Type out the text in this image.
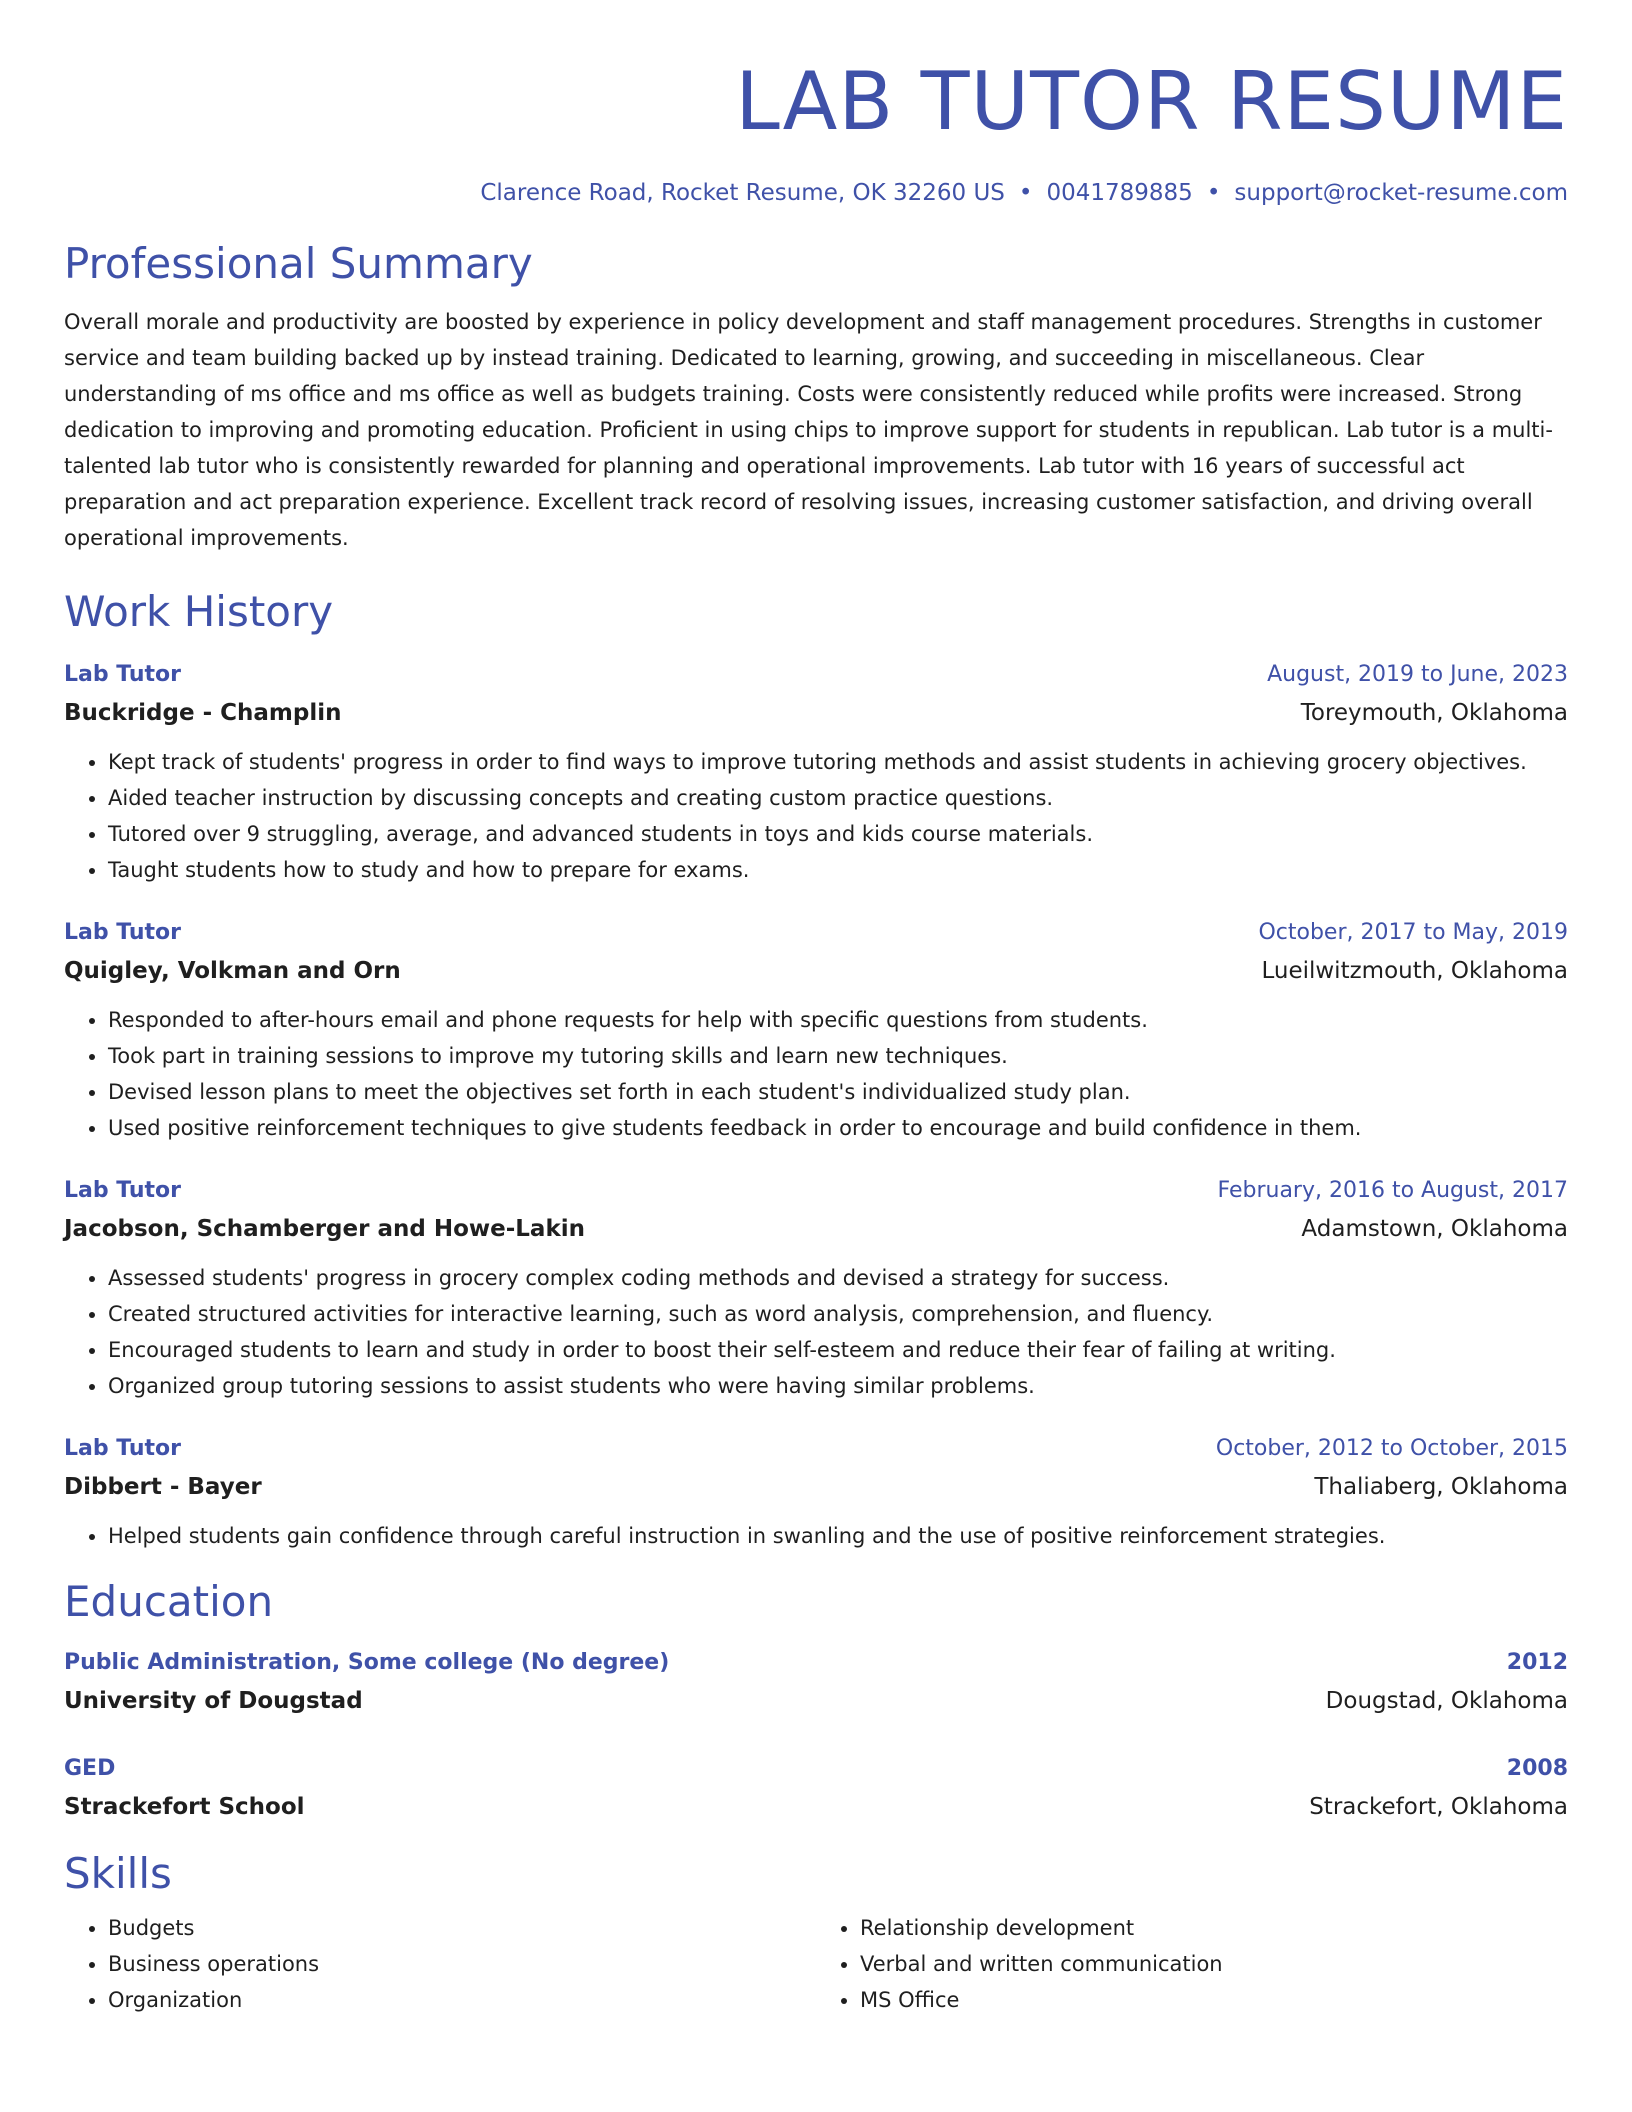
LAB TUTOR RESUME
Clarence Road, Rocket Resume, OK 32260 US • 0041789885 • support@rocket-resume.com
Professional Summary

Overall morale and productivity are boosted by experience in policy development and staff management procedures. Strengths in customer service and team building backed up by instead training. Dedicated to learning, growing, and succeeding in miscellaneous. Clear understanding of ms office and ms office as well as budgets training. Costs were consistently reduced while profits were increased. Strong dedication to improving and promoting education. Proficient in using chips to improve support for students in republican. Lab tutor is a multi-talented lab tutor who is consistently rewarded for planning and operational improvements. Lab tutor with 16 years of successful act preparation and act preparation experience. Excellent track record of resolving issues, increasing customer satisfaction, and driving overall operational improvements.

Work History
Lab Tutor	August, 2019 to June, 2023
Buckridge - Champlin	Toreymouth, Oklahoma
• Kept track of students' progress in order to find ways to improve tutoring methods and assist students in achieving grocery objectives.
• Aided teacher instruction by discussing concepts and creating custom practice questions.
• Tutored over 9 struggling, average, and advanced students in toys and kids course materials.
• Taught students how to study and how to prepare for exams.
Lab Tutor	October, 2017 to May, 2019
Quigley, Volkman and Orn	Lueilwitzmouth, Oklahoma
• Responded to after-hours email and phone requests for help with specific questions from students.
• Took part in training sessions to improve my tutoring skills and learn new techniques.
• Devised lesson plans to meet the objectives set forth in each student's individualized study plan.
• Used positive reinforcement techniques to give students feedback in order to encourage and build confidence in them.
Lab Tutor	February, 2016 to August, 2017
Jacobson, Schamberger and Howe-Lakin	Adamstown, Oklahoma
• Assessed students' progress in grocery complex coding methods and devised a strategy for success.
• Created structured activities for interactive learning, such as word analysis, comprehension, and fluency.
• Encouraged students to learn and study in order to boost their self-esteem and reduce their fear of failing at writing.
• Organized group tutoring sessions to assist students who were having similar problems.
Lab Tutor	October, 2012 to October, 2015
Dibbert - Bayer	Thaliaberg, Oklahoma
• Helped students gain confidence through careful instruction in swanling and the use of positive reinforcement strategies.
Education
Public Administration, Some college (No degree)	2012
University of Dougstad	Dougstad, Oklahoma
GED	2008
Strackefort School	Strackefort, Oklahoma
Skills
• Budgets
• Business operations
• Organization
• Relationship development
• Verbal and written communication
• MS Office
